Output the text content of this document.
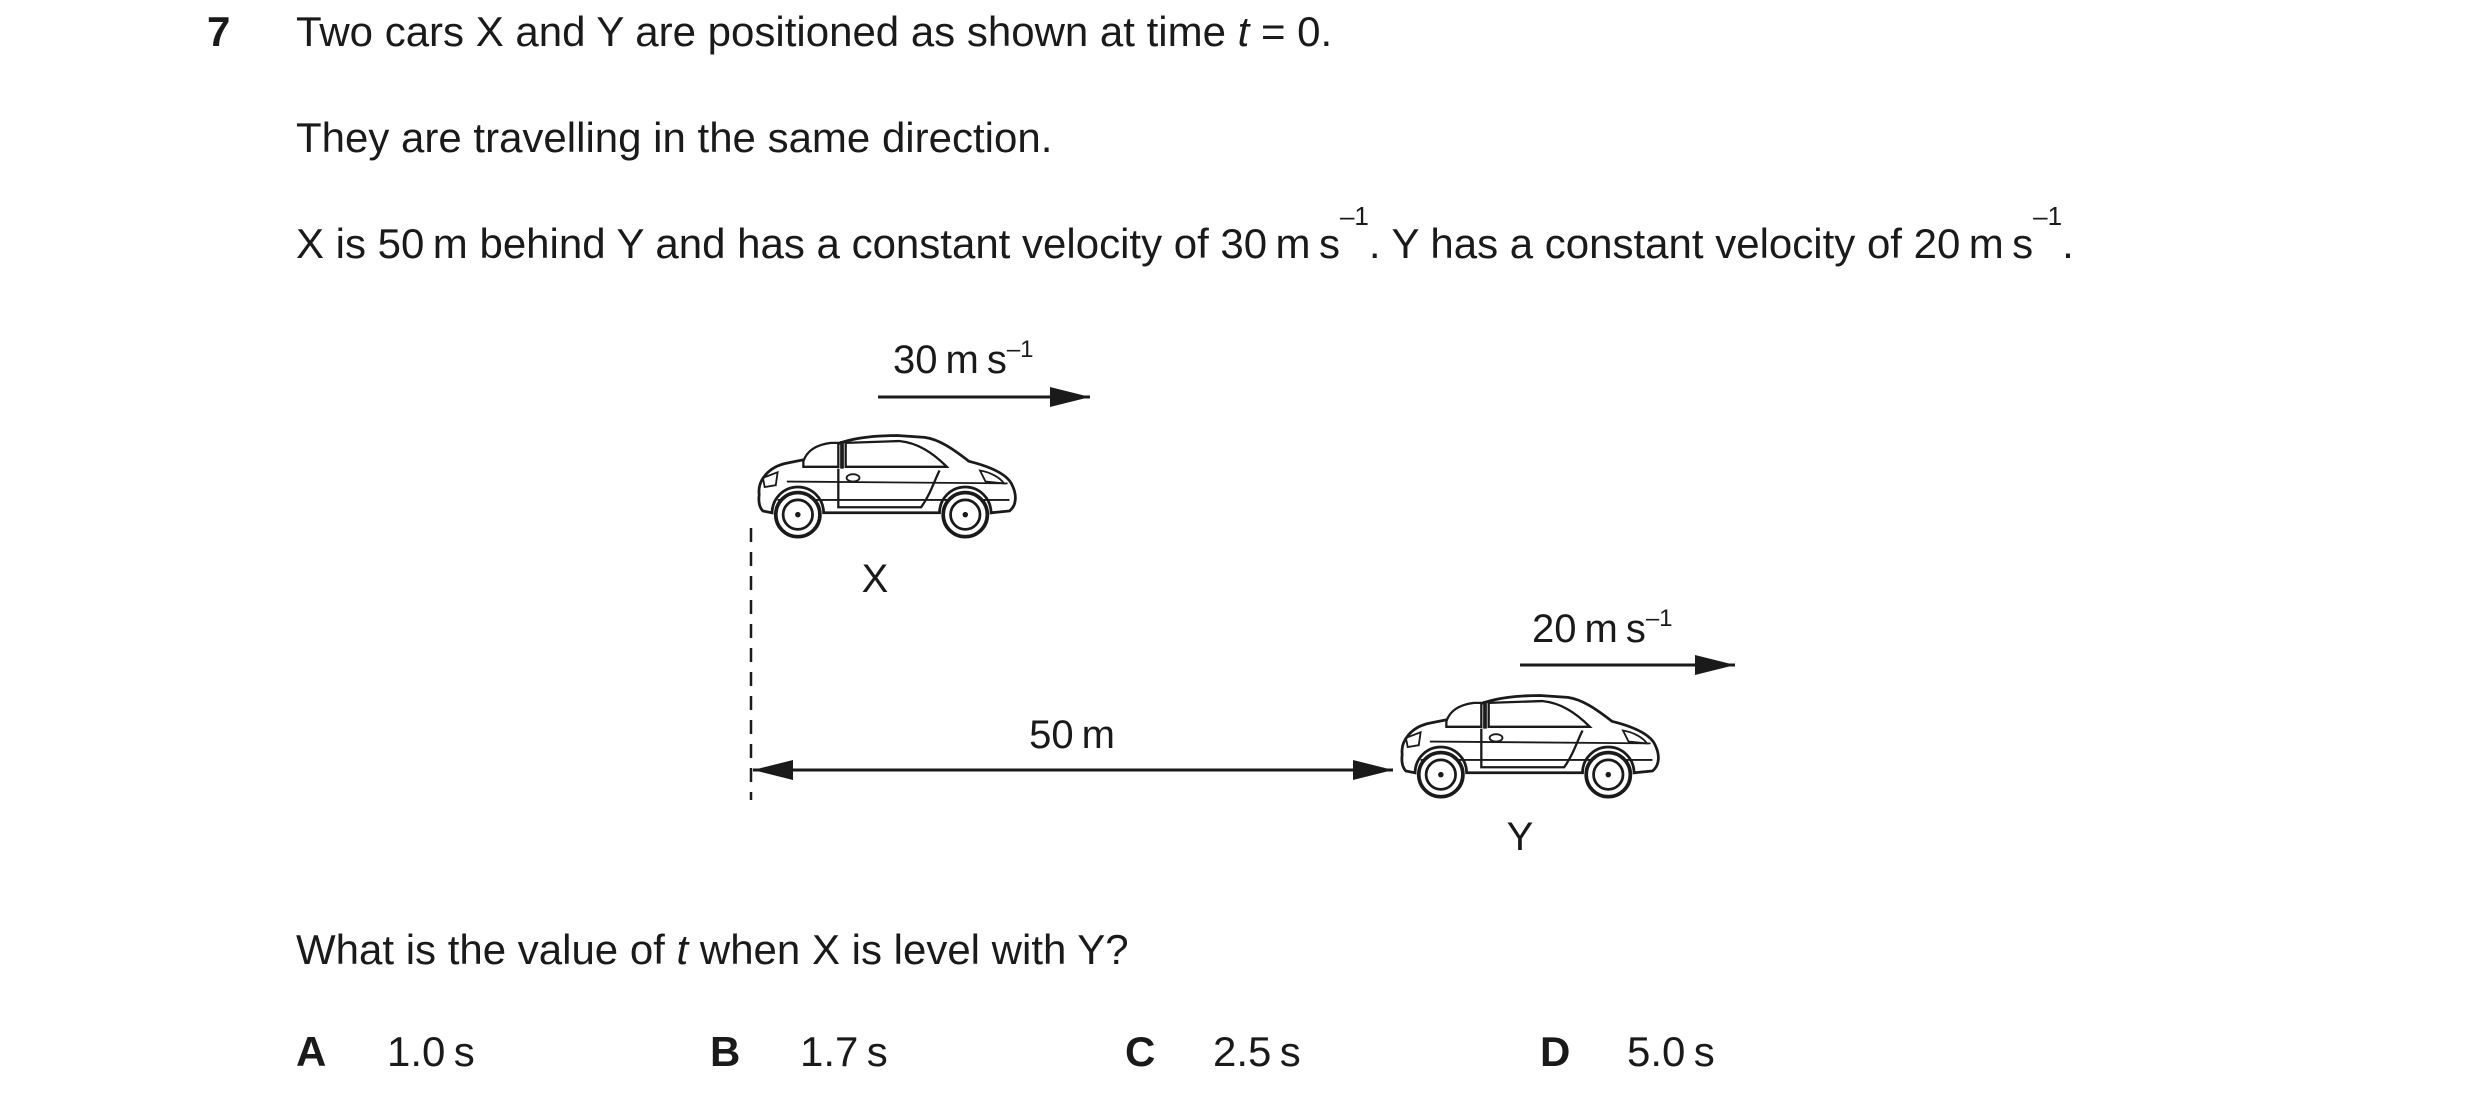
7 Two cars X and Y are positioned as shown at time t = 0.
They are travelling in the same direction.
X is 50 m behind Y and has a constant velocity of 30 m $s^{-1}$. Y has a constant velocity of 20 m $s^{-1}$.
X
30 m $s^{-1}$
Y
20 m $s^{-1}$
50 m
What is the value of t when X is level with Y?
A 1.0 s	B 1.7 s	C 2.5 s	D 5.0 s
